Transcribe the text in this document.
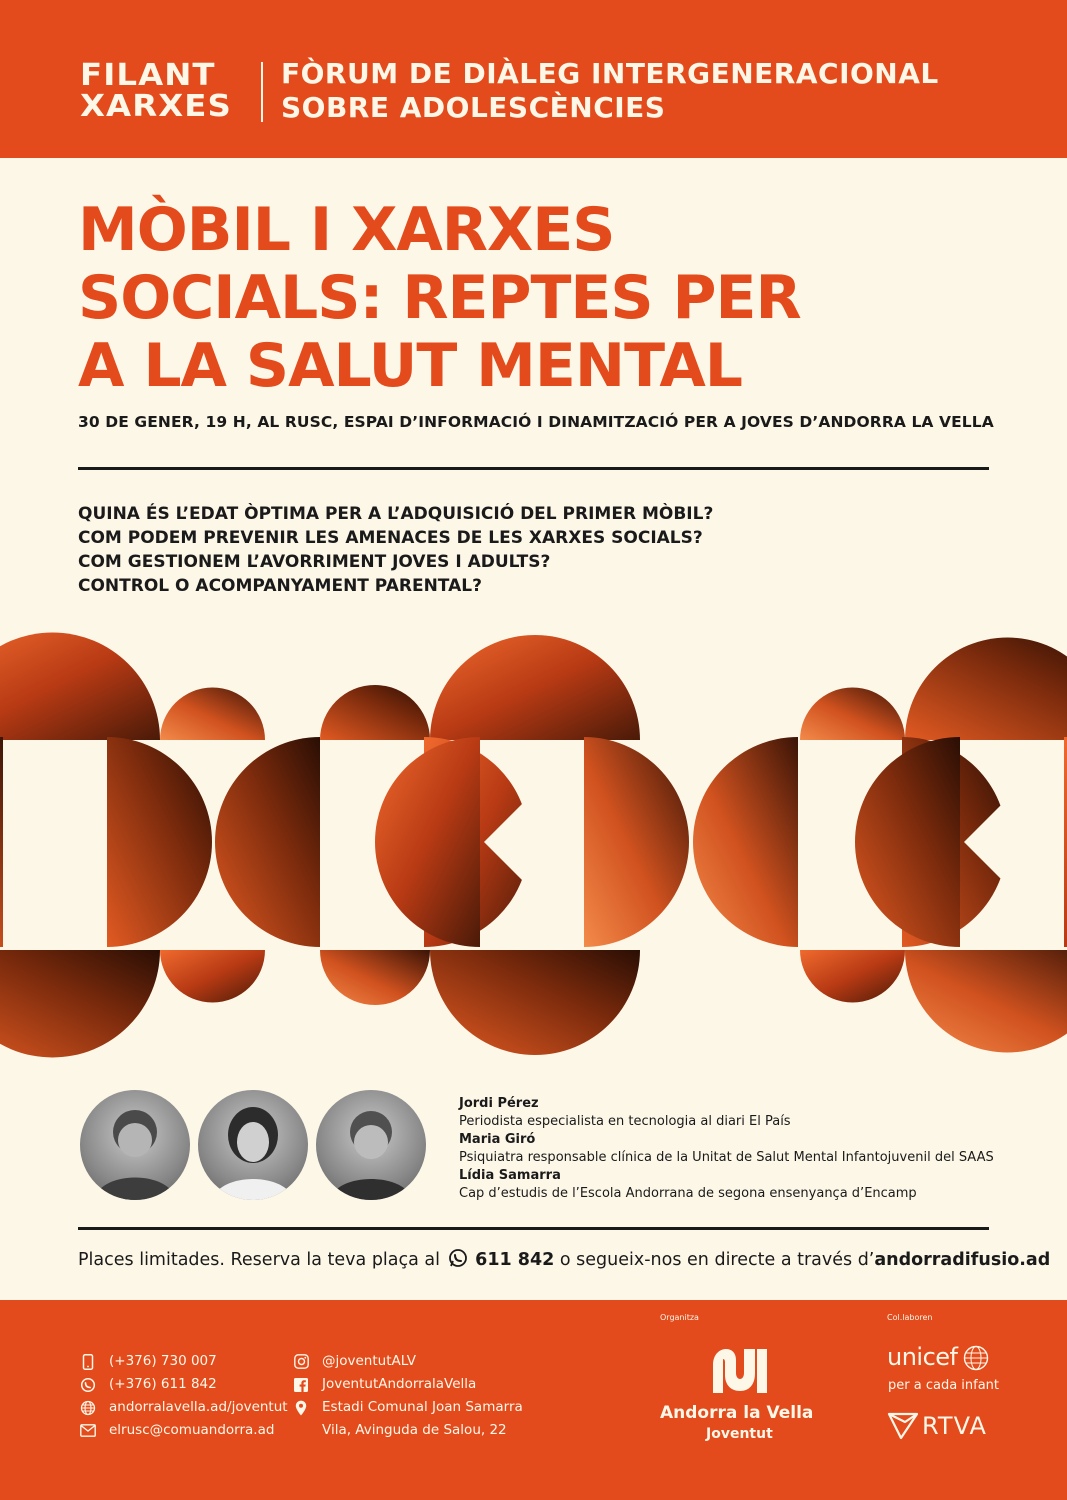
FILANT
XARXES
FÒRUM DE DIÀLEG INTERGENERACIONAL
SOBRE ADOLESCÈNCIES
MÒBIL I XARXES
SOCIALS: REPTES PER
A LA SALUT MENTAL
30 DE GENER, 19 H, AL RUSC, ESPAI D’INFORMACIÓ I DINAMITZACIÓ PER A JOVES D’ANDORRA LA VELLA
QUINA ÉS L’EDAT ÒPTIMA PER A L’ADQUISICIÓ DEL PRIMER MÒBIL?
COM PODEM PREVENIR LES AMENACES DE LES XARXES SOCIALS?
COM GESTIONEM L’AVORRIMENT JOVES I ADULTS?
CONTROL O ACOMPANYAMENT PARENTAL?
Jordi Pérez
Periodista especialista en tecnologia al diari El País
Maria Giró
Psiquiatra responsable clínica de la Unitat de Salut Mental Infantojuvenil del SAAS
Lídia Samarra
Cap d’estudis de l’Escola Andorrana de segona ensenyança d’Encamp
Places limitades. Reserva la teva plaça al 611 842 o segueix-nos en directe a través d’andorradifusio.ad
(+376) 730 007
(+376) 611 842
andorralavella.ad/joventut
elrusc@comuandorra.ad
@joventutALV
JoventutAndorralaVella
Estadi Comunal Joan Samarra
Vila, Avinguda de Salou, 22
Organitza	Col.laboren
Andorra la Vella
Joventut
unicef
per a cada infant
RTVA
